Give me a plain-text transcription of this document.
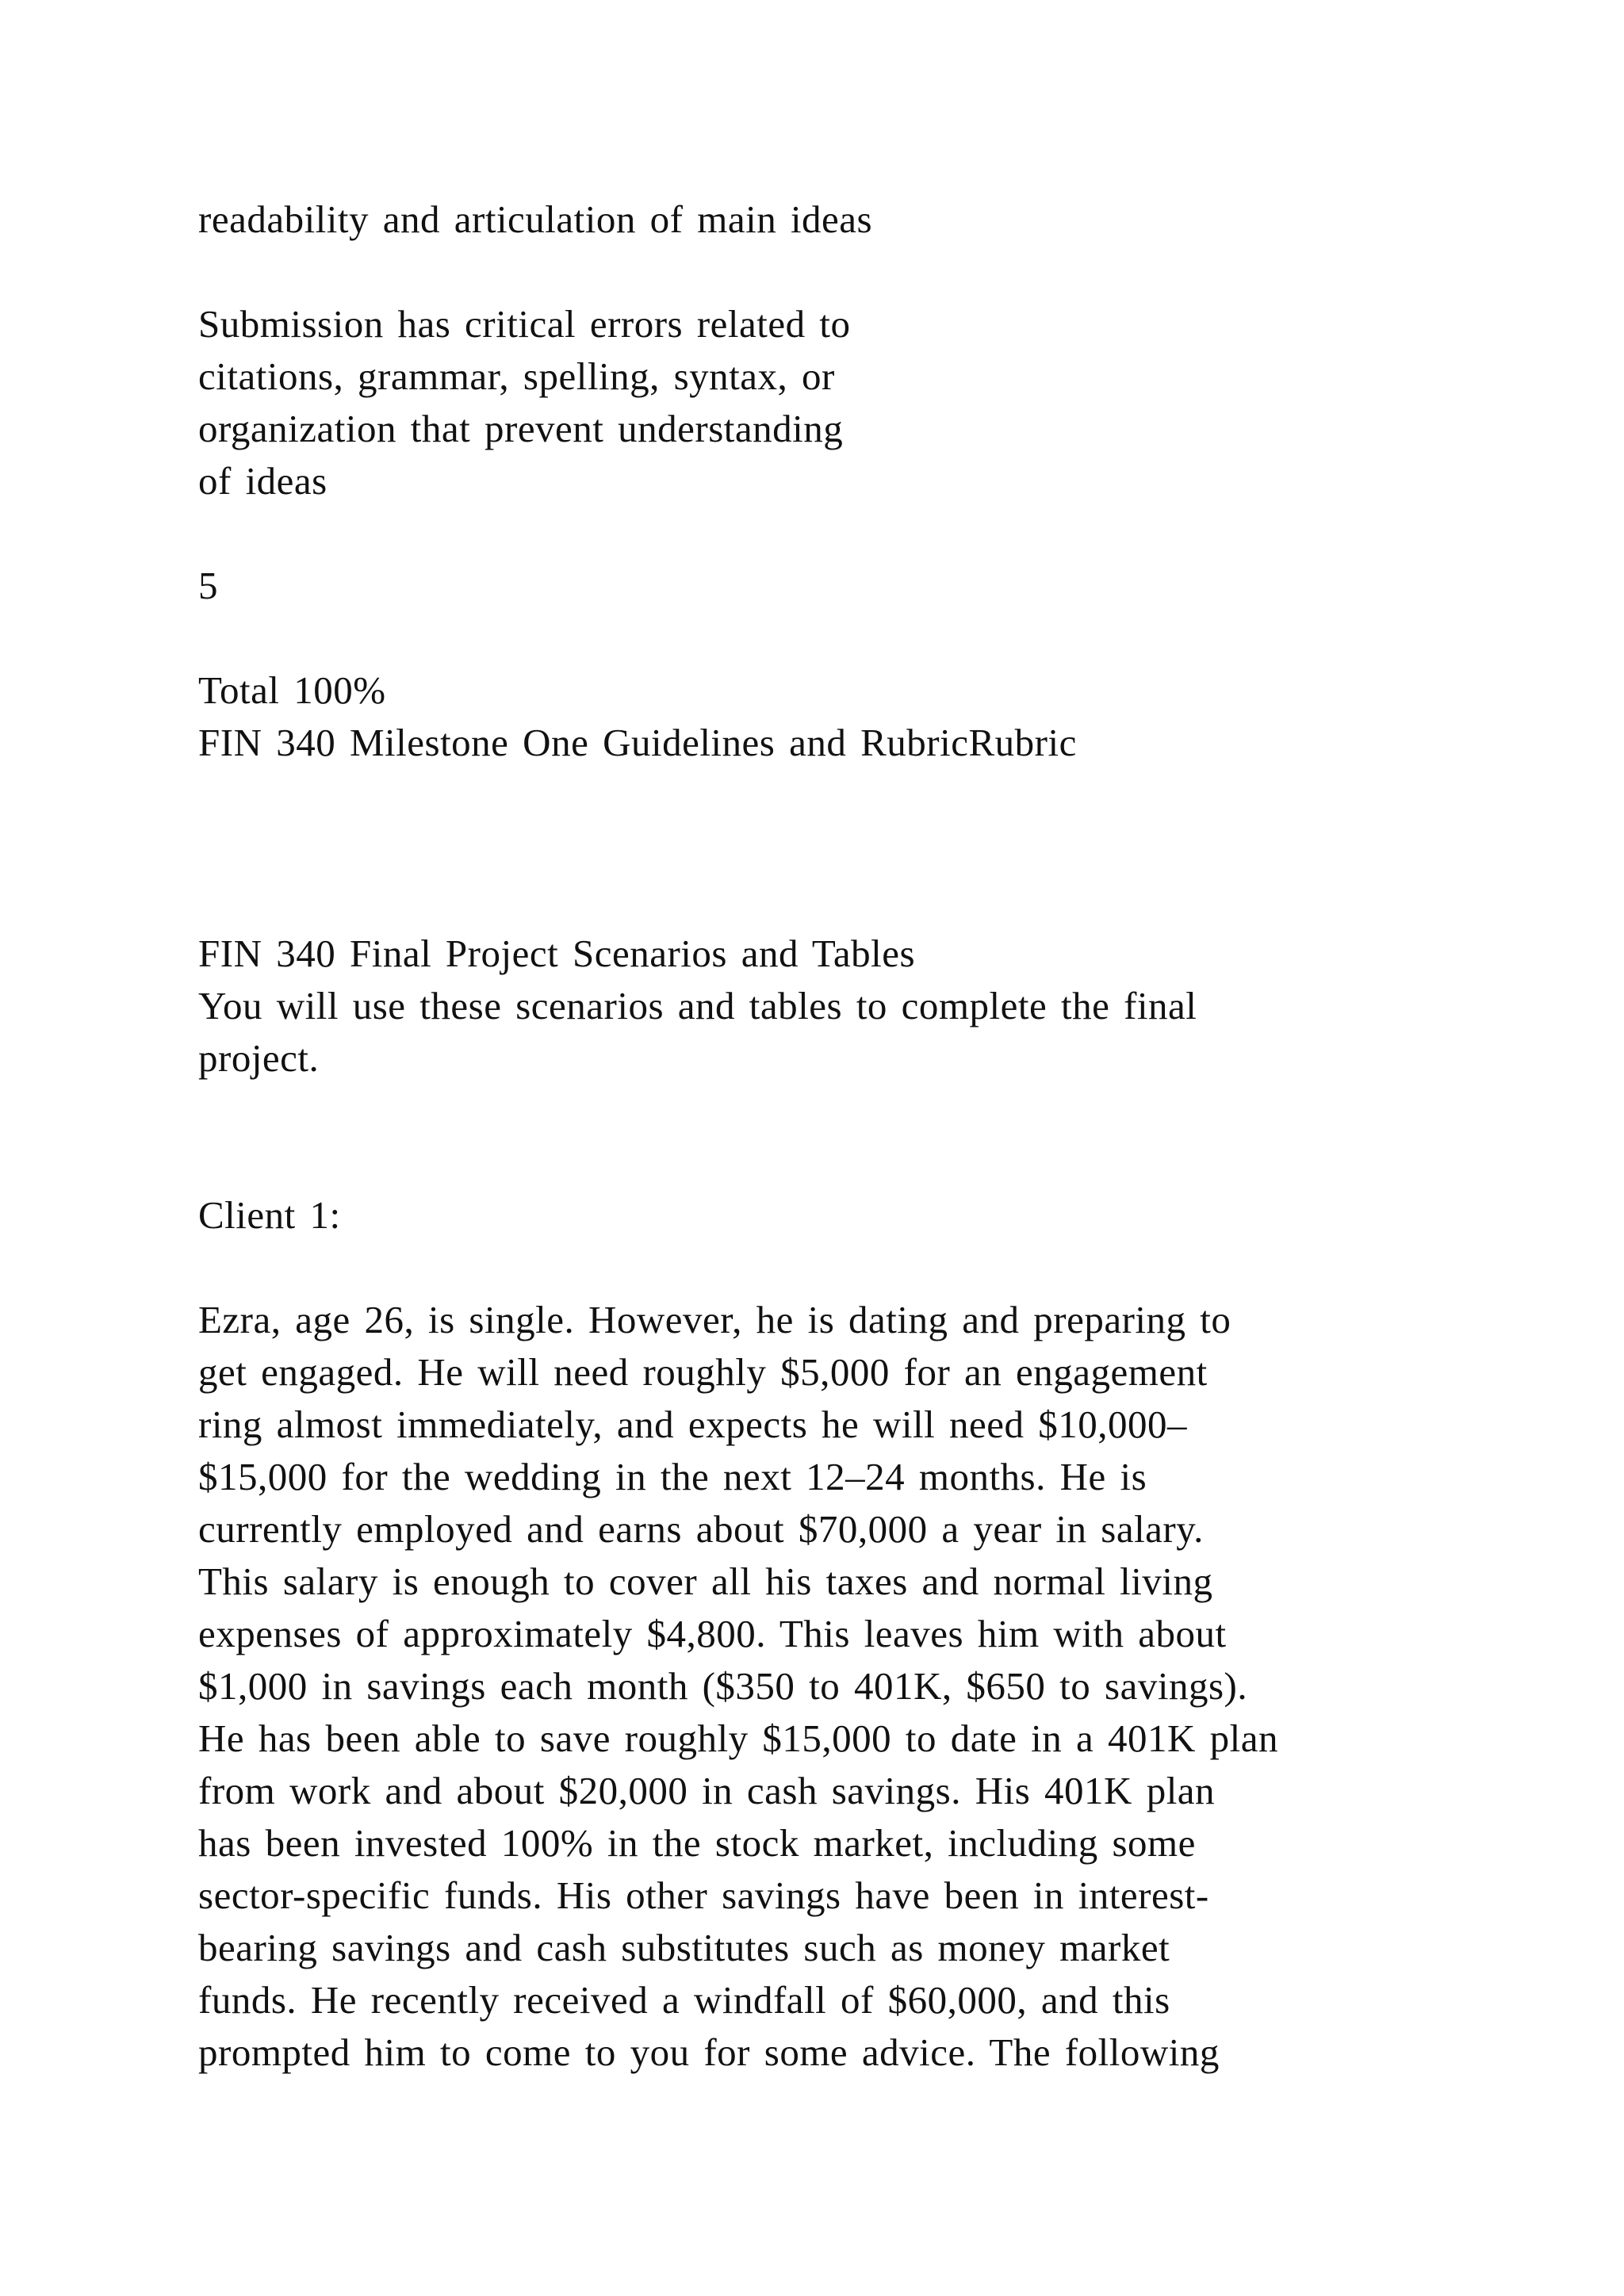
readability and articulation of main ideas
Submission has critical errors related to
citations, grammar, spelling, syntax, or
organization that prevent understanding
of ideas
5
Total 100%
FIN 340 Milestone One Guidelines and RubricRubric
FIN 340 Final Project Scenarios and Tables
You will use these scenarios and tables to complete the final
project.
Client 1:
Ezra, age 26, is single. However, he is dating and preparing to
get engaged. He will need roughly $5,000 for an engagement
ring almost immediately, and expects he will need $10,000–
$15,000 for the wedding in the next 12–24 months. He is
currently employed and earns about $70,000 a year in salary.
This salary is enough to cover all his taxes and normal living
expenses of approximately $4,800. This leaves him with about
$1,000 in savings each month ($350 to 401K, $650 to savings).
He has been able to save roughly $15,000 to date in a 401K plan
from work and about $20,000 in cash savings. His 401K plan
has been invested 100% in the stock market, including some
sector-specific funds. His other savings have been in interest-
bearing savings and cash substitutes such as money market
funds. He recently received a windfall of $60,000, and this
prompted him to come to you for some advice. The following
